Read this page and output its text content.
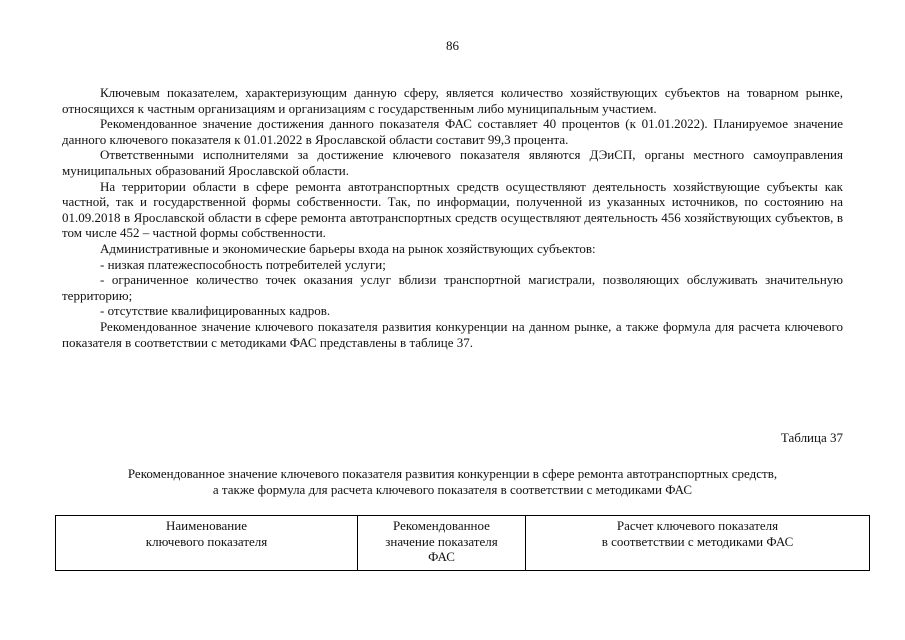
86

Ключевым показателем, характеризующим данную сферу, является количество хозяйствующих субъектов на товарном рынке, относящихся к частным организациям и организациям с государственным либо муниципальным участием.

Рекомендованное значение достижения данного показателя ФАС составляет 40 процентов (к 01.01.2022). Планируемое значение данного ключевого показателя к 01.01.2022 в Ярославской области составит 99,3 процента.

Ответственными исполнителями за достижение ключевого показателя являются ДЭиСП, органы местного самоуправления муниципальных образований Ярославской области.

На территории области в сфере ремонта автотранспортных средств осуществляют деятельность хозяйствующие субъекты как частной, так и государственной формы собственности. Так, по информации, полученной из указанных источников, по состоянию на 01.09.2018 в Ярославской области в сфере ремонта автотранспортных средств осуществляют деятельность 456 хозяйствующих субъектов, в том числе 452 – частной формы собственности.

Административные и экономические барьеры входа на рынок хозяйствующих субъектов:

- низкая платежеспособность потребителей услуги;

- ограниченное количество точек оказания услуг вблизи транспортной магистрали, позволяющих обслуживать значительную территорию;

- отсутствие квалифицированных кадров.

Рекомендованное значение ключевого показателя развития конкуренции на данном рынке, а также формула для расчета ключевого показателя в соответствии с методиками ФАС представлены в таблице 37.

Таблица 37
Рекомендованное значение ключевого показателя развития конкуренции в сфере ремонта автотранспортных средств,
а также формула для расчета ключевого показателя в соответствии с методиками ФАС
Наименование
ключевого показателя

Рекомендованное
значение показателя
ФАС

Расчет ключевого показателя
в соответствии с методиками ФАС
